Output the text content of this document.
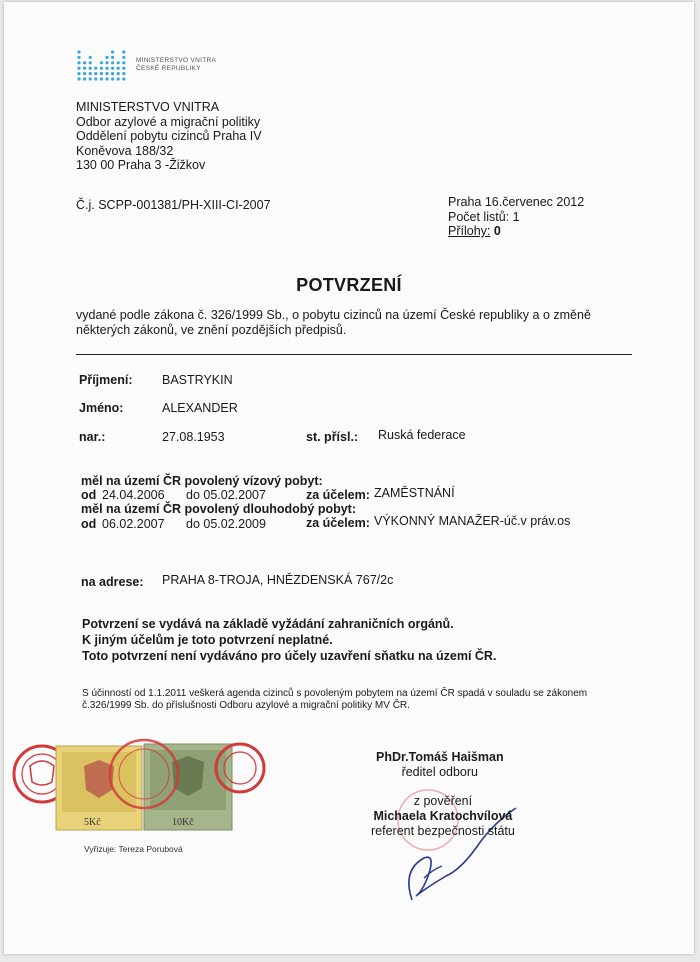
MINISTERSTVO VNITRA
ČESKÉ REPUBLIKY
MINISTERSTVO VNITRA
Odbor azylové a migrační politiky
Oddělení pobytu cizinců Praha IV
Koněvova 188/32
130 00 Praha 3 -Žižkov
Č.j. SCPP-001381/PH-XIII-CI-2007	Praha 16.červenec 2012
Počet listů: 1
Přílohy: 0
POTVRZENÍ
vydané podle zákona č. 326/1999 Sb., o pobytu cizinců na území České republiky a o změně některých zákonů, ve znění pozdějších předpisů.
Příjmení: BASTRYKIN
Jméno:	ALEXANDER
nar.:	27.08.1953	st. přísl.: Ruská federace
měl na území ČR povolený vízový pobyt:
od 24.04.2006 do 05.02.2007	za účelem: ZAMĚSTNÁNÍ
měl na území ČR povolený dlouhodobý pobyt:
od 06.02.2007 do 05.02.2009	za účelem: VÝKONNÝ MANAŽER-úč.v práv.os
na adrese: PRAHA 8-TROJA, HNĚZDENSKÁ 767/2c
Potvrzení se vydává na základě vyžádání zahraničních orgánů.
K jiným účelům je toto potvrzení neplatné.
Toto potvrzení není vydáváno pro účely uzavření sňatku na území ČR.
S účinností od 1.1.2011 veškerá agenda cizinců s povoleným pobytem na území ČR spadá v souladu se zákonem č.326/1999 Sb. do příslušnosti Odboru azylové a migrační politiky MV ČR.
5Kč	10Kč
Vyřizuje: Tereza Porubová
PhDr.Tomáš Haišman
ředitel odboru
z pověření
Michaela Kratochvílová
referent bezpečnosti státu
